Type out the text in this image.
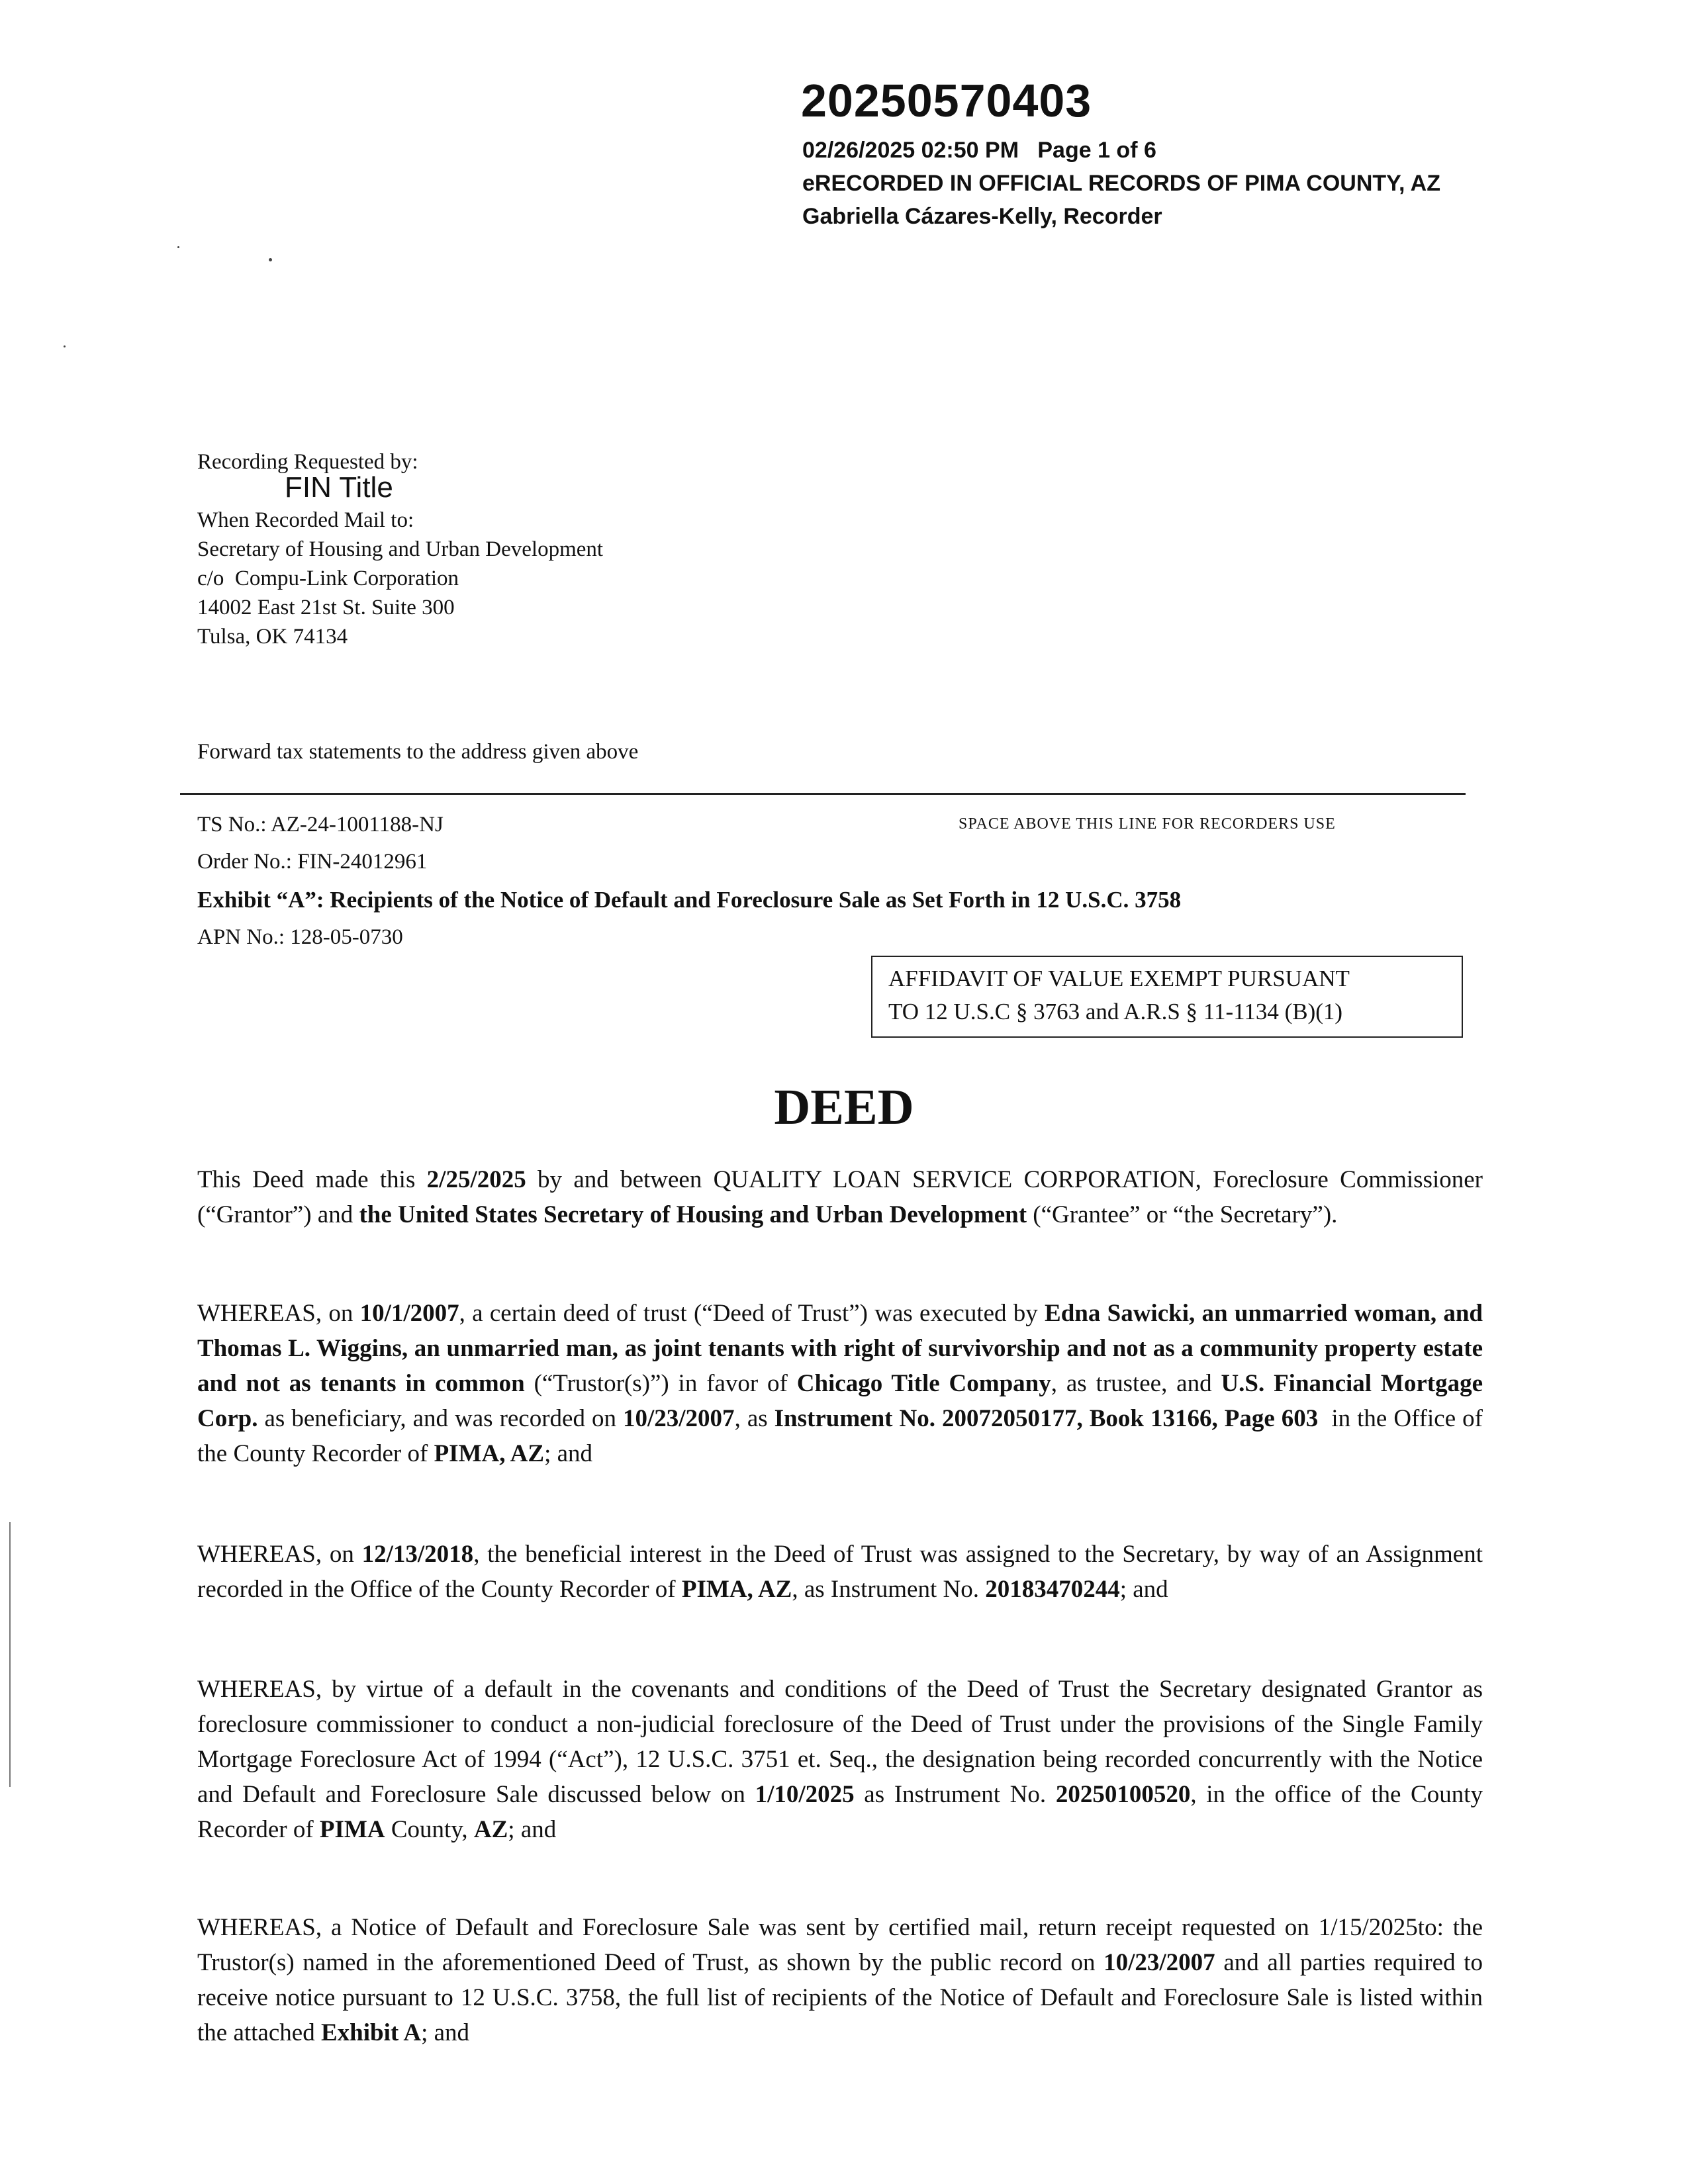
20250570403
02/26/2025 02:50 PM   Page 1 of 6
eRECORDED IN OFFICIAL RECORDS OF PIMA COUNTY, AZ
Gabriella Cázares-Kelly, Recorder
Recording Requested by:
FIN Title
When Recorded Mail to:
Secretary of Housing and Urban Development
c/o  Compu-Link Corporation
14002 East 21st St. Suite 300
Tulsa, OK 74134
Forward tax statements to the address given above
TS No.: AZ-24-1001188-NJ	SPACE ABOVE THIS LINE FOR RECORDERS USE
Order No.: FIN-24012961
Exhibit “A”: Recipients of the Notice of Default and Foreclosure Sale as Set Forth in 12 U.S.C. 3758
APN No.: 128-05-0730
AFFIDAVIT OF VALUE EXEMPT PURSUANT
TO 12 U.S.C § 3763 and A.R.S § 11-1134 (B)(1)
DEED
This Deed made this 2/25/2025 by and between QUALITY LOAN SERVICE CORPORATION, Foreclosure Commissioner (“Grantor”) and the United States Secretary of Housing and Urban Development (“Grantee” or “the Secretary”).
WHEREAS, on 10/1/2007, a certain deed of trust (“Deed of Trust”) was executed by Edna Sawicki, an unmarried woman, and Thomas L. Wiggins, an unmarried man, as joint tenants with right of survivorship and not as a community property estate and not as tenants in common (“Trustor(s)”) in favor of Chicago Title Company, as trustee, and U.S. Financial Mortgage Corp. as beneficiary, and was recorded on 10/23/2007, as Instrument No. 20072050177, Book 13166, Page 603  in the Office of the County Recorder of PIMA, AZ; and
WHEREAS, on 12/13/2018, the beneficial interest in the Deed of Trust was assigned to the Secretary, by way of an Assignment recorded in the Office of the County Recorder of PIMA, AZ, as Instrument No. 20183470244; and
WHEREAS, by virtue of a default in the covenants and conditions of the Deed of Trust the Secretary designated Grantor as foreclosure commissioner to conduct a non-judicial foreclosure of the Deed of Trust under the provisions of the Single Family Mortgage Foreclosure Act of 1994 (“Act”), 12 U.S.C. 3751 et. Seq., the designation being recorded concurrently with the Notice and Default and Foreclosure Sale discussed below on 1/10/2025 as Instrument No. 20250100520, in the office of the County Recorder of PIMA County, AZ; and
WHEREAS, a Notice of Default and Foreclosure Sale was sent by certified mail, return receipt requested on 1/15/2025to: the Trustor(s) named in the aforementioned Deed of Trust, as shown by the public record on 10/23/2007 and all parties required to receive notice pursuant to 12 U.S.C. 3758, the full list of recipients of the Notice of Default and Foreclosure Sale is listed within the attached Exhibit A; and
